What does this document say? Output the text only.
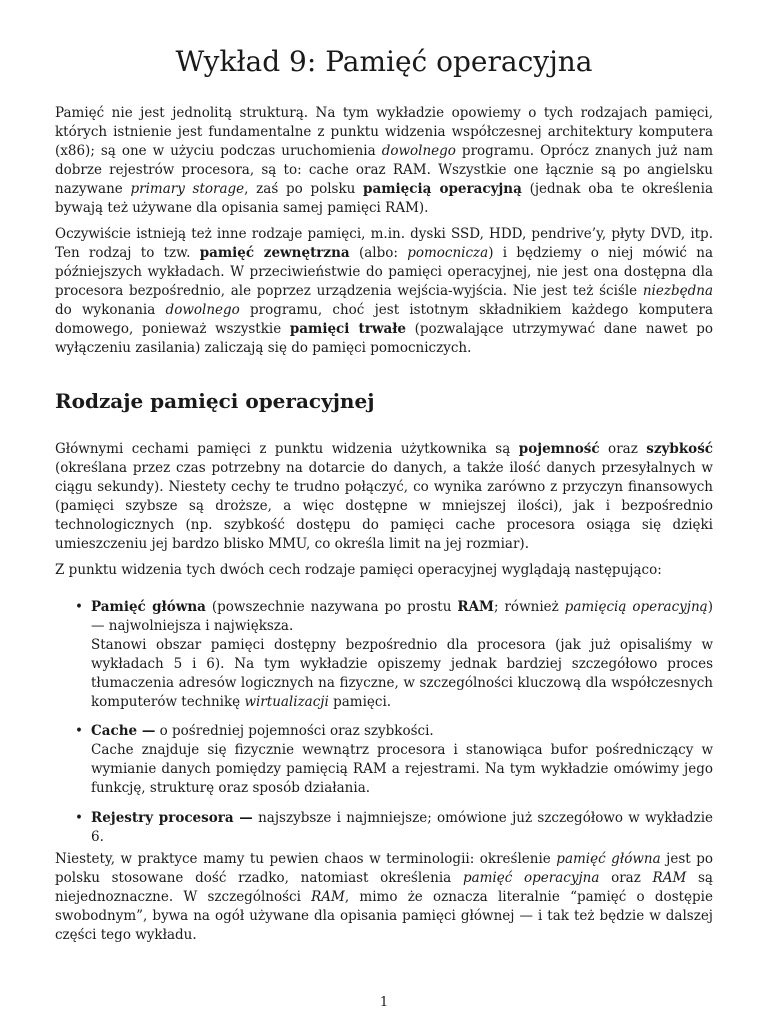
Wykład 9: Pamięć operacyjna

Pamięć nie jest jednolitą strukturą. Na tym wykładzie opowiemy o tych rodzajach pamięci, których istnienie jest fundamentalne z punktu widzenia współczesnej architektury komputera (x86); są one w użyciu podczas uruchomienia dowolnego programu. Oprócz znanych już nam dobrze rejestrów procesora, są to: cache oraz RAM. Wszystkie one łącznie są po angielsku nazywane primary storage, zaś po polsku pamięcią operacyjną (jednak oba te określenia bywają też używane dla opisania samej pamięci RAM).

Oczywiście istnieją też inne rodzaje pamięci, m.in. dyski SSD, HDD, pendrive’y, płyty DVD, itp. Ten rodzaj to tzw. pamięć zewnętrzna (albo: pomocnicza) i będziemy o niej mówić na późniejszych wykładach. W przeciwieństwie do pamięci operacyjnej, nie jest ona dostępna dla procesora bezpośrednio, ale poprzez urządzenia wejścia-wyjścia. Nie jest też ściśle niezbędna do wykonania dowolnego programu, choć jest istotnym składnikiem każdego komputera domowego, ponieważ wszystkie pamięci trwałe (pozwalające utrzymywać dane nawet po wyłączeniu zasilania) zaliczają się do pamięci pomocniczych.

Rodzaje pamięci operacyjnej

Głównymi cechami pamięci z punktu widzenia użytkownika są pojemność oraz szybkość (określana przez czas potrzebny na dotarcie do danych, a także ilość danych przesyłalnych w ciągu sekundy). Niestety cechy te trudno połączyć, co wynika zarówno z przyczyn finansowych (pamięci szybsze są droższe, a więc dostępne w mniejszej ilości), jak i bezpośrednio technologicznych (np. szybkość dostępu do pamięci cache procesora osiąga się dzięki umieszczeniu jej bardzo blisko MMU, co określa limit na jej rozmiar).

Z punktu widzenia tych dwóch cech rodzaje pamięci operacyjnej wyglądają następująco:

• Pamięć główna (powszechnie nazywana po prostu RAM; również pamięcią operacyjną) — najwolniejsza i największa.
Stanowi obszar pamięci dostępny bezpośrednio dla procesora (jak już opisaliśmy w wykładach 5 i 6). Na tym wykładzie opiszemy jednak bardziej szczegółowo proces tłumaczenia adresów logicznych na fizyczne, w szczególności kluczową dla współczesnych komputerów technikę wirtualizacji pamięci.
• Cache — o pośredniej pojemności oraz szybkości.
Cache znajduje się fizycznie wewnątrz procesora i stanowiąca bufor pośredniczący w wymianie danych pomiędzy pamięcią RAM a rejestrami. Na tym wykładzie omówimy jego funkcję, strukturę oraz sposób działania.
• Rejestry procesora — najszybsze i najmniejsze; omówione już szczegółowo w wykładzie 6.

Niestety, w praktyce mamy tu pewien chaos w terminologii: określenie pamięć główna jest po polsku stosowane dość rzadko, natomiast określenia pamięć operacyjna oraz RAM są niejednoznaczne. W szczególności RAM, mimo że oznacza literalnie “pamięć o dostępie swobodnym”, bywa na ogół używane dla opisania pamięci głównej — i tak też będzie w dalszej części tego wykładu.

1
